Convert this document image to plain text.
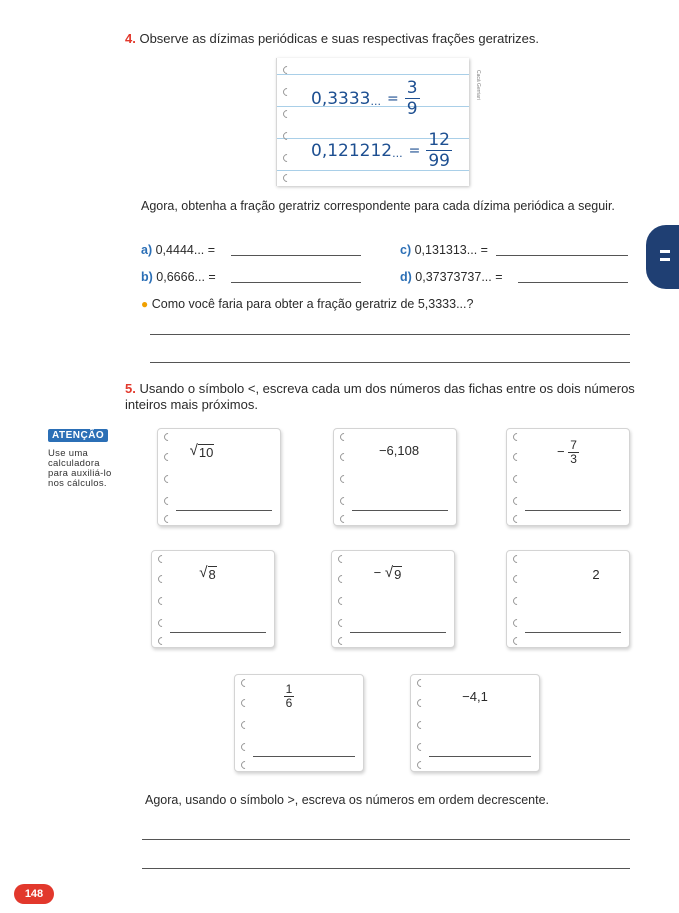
4. Observe as dízimas periódicas e suas respectivas frações geratrizes.
0,3333 ... = $\frac{3}{9}$
0,121212 ... = $\frac{12}{99}$
Cacá Gerriari
Agora, obtenha a fração geratriz correspondente para cada dízima periódica a seguir.
a) 0,4444... =	c) 0,131313... =
b) 0,6666... =	d) 0,37373737... =
● Como você faria para obter a fração geratriz de 5,3333...?
5. Usando o símbolo <, escreva cada um dos números das fichas entre os dois números inteiros mais próximos.
ATENÇÃO
Use uma
calculadora
para auxiliá-lo
nos cálculos.
√ 10	−6,108	− $\frac{7}{3}$
√ 8	− √ 9	2
$\frac{1}{6}$	−4,1
Agora, usando o símbolo >, escreva os números em ordem decrescente.
148
